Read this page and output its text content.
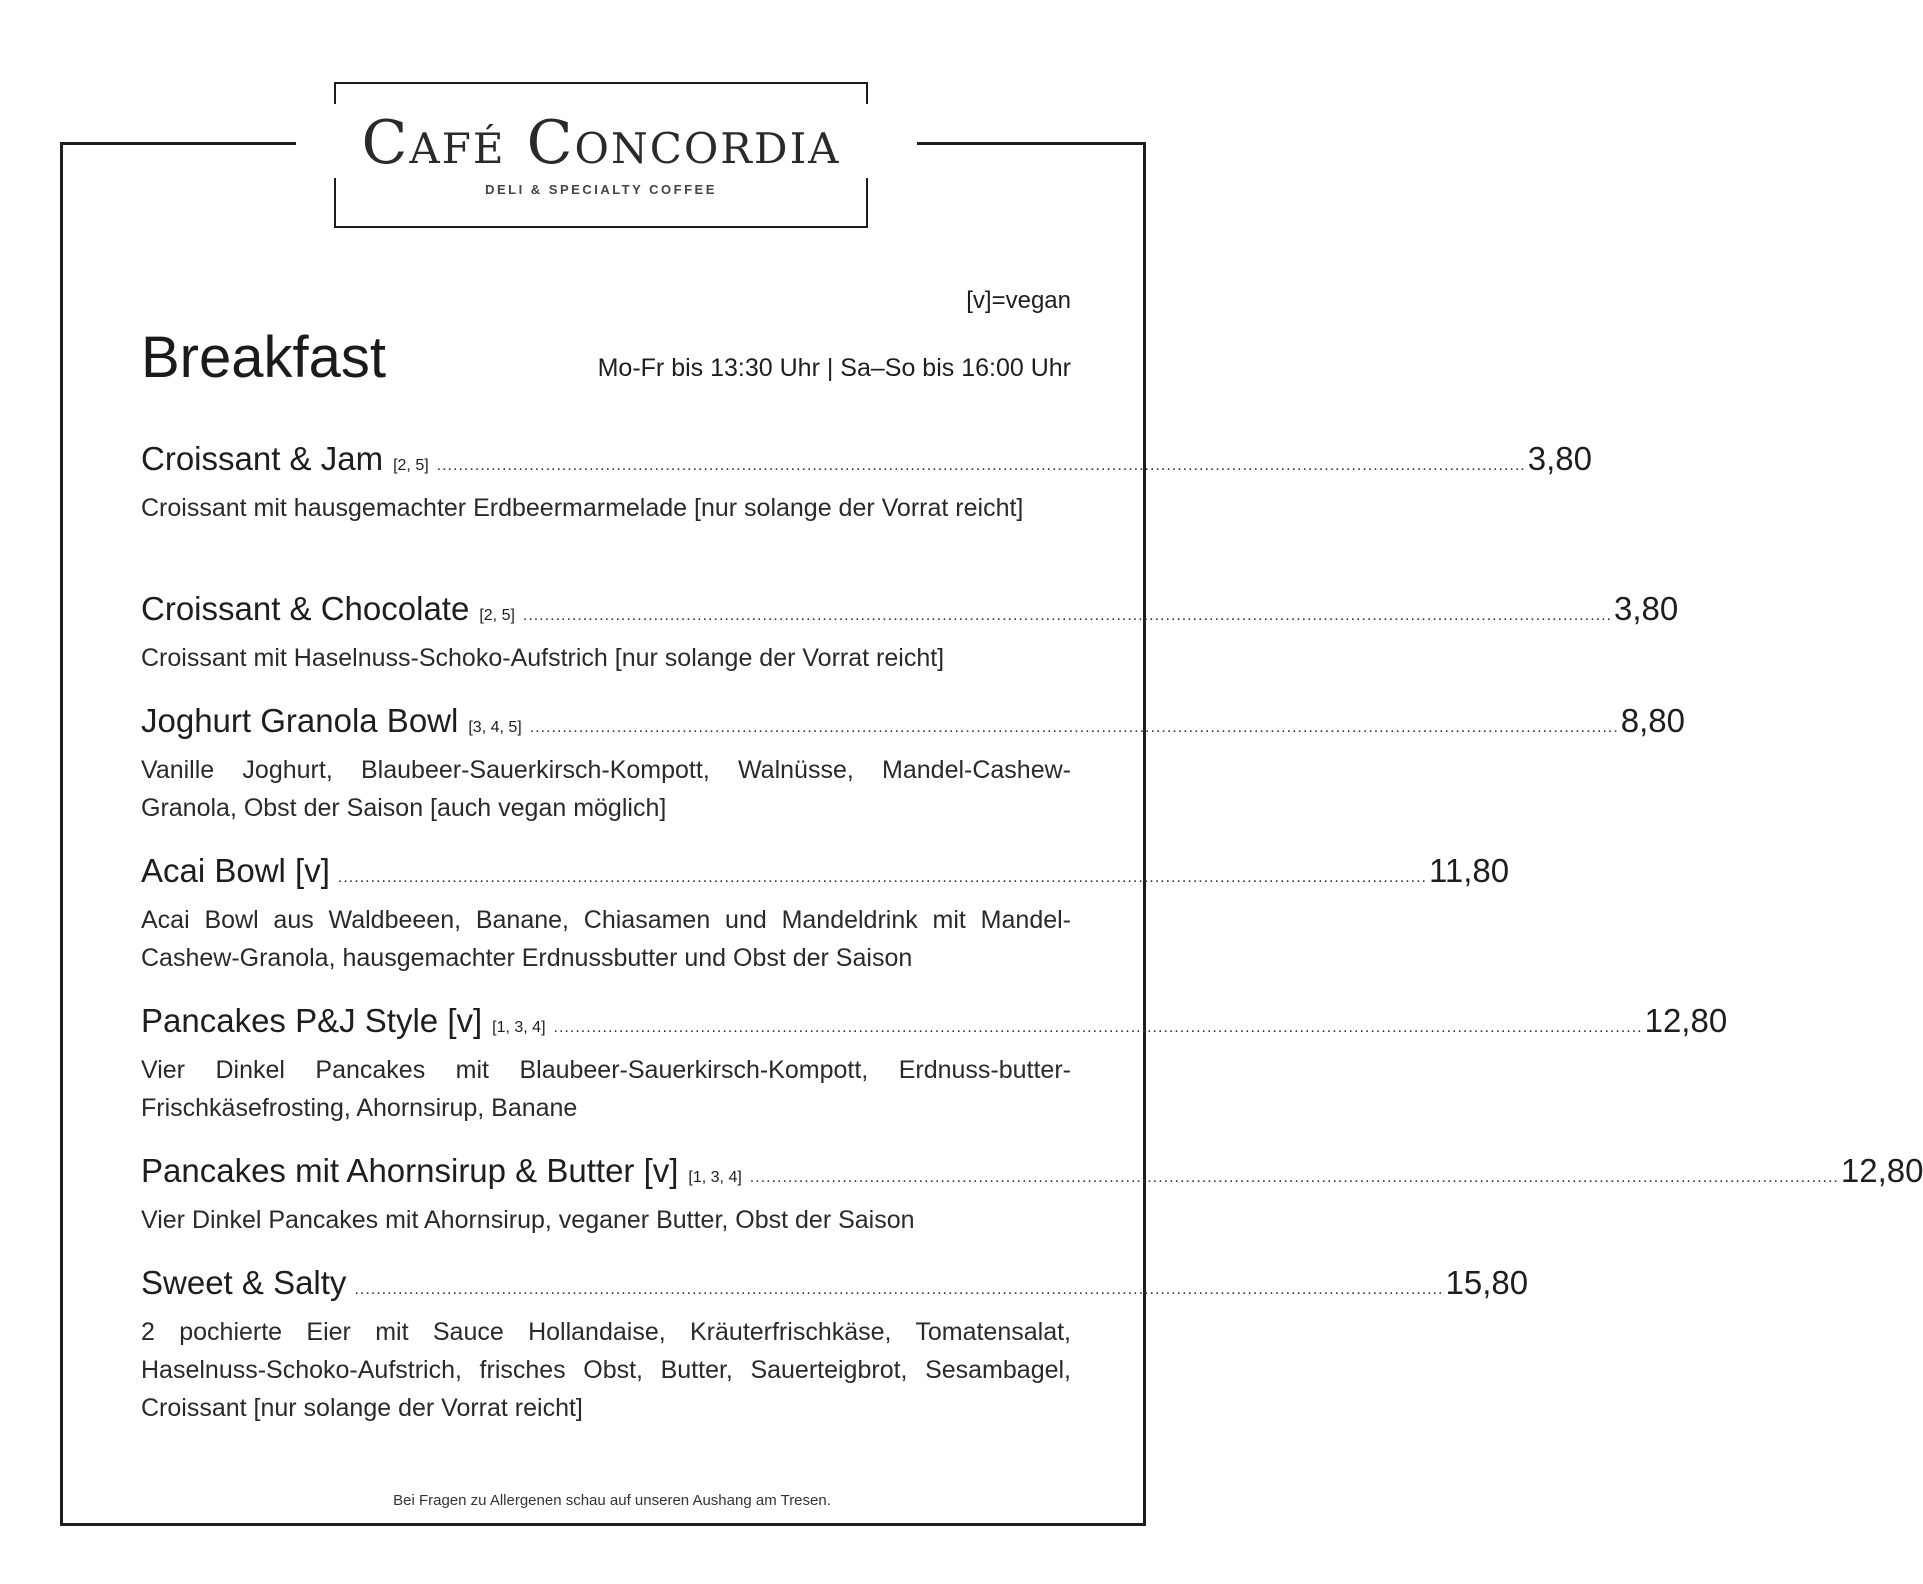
Café Concordia
DELI & SPECIALTY COFFEE
[v]=vegan
Breakfast	Mo-Fr bis 13:30 Uhr | Sa–So bis 16:00 Uhr
Croissant & Jam $_{[2, 5]}$ ........................................................................................................................................................................................................ 3,80
Croissant mit hausgemachter Erdbeermarmelade [nur solange der Vorrat reicht]
Croissant & Chocolate $_{[2, 5]}$ ........................................................................................................................................................................................................ 3,80
Croissant mit Haselnuss-Schoko-Aufstrich [nur solange der Vorrat reicht]
Joghurt Granola Bowl $_{[3, 4, 5]}$ ........................................................................................................................................................................................................ 8,80
Vanille Joghurt, Blaubeer-Sauerkirsch-Kompott, Walnüsse, Mandel-Cashew-Granola, Obst der Saison [auch vegan möglich]
Acai Bowl [v] ........................................................................................................................................................................................................ 11,80
Acai Bowl aus Waldbeeen, Banane, Chiasamen und Mandeldrink mit Mandel-Cashew-Granola, hausgemachter Erdnussbutter und Obst der Saison
Pancakes P&J Style [v] $_{[1, 3, 4]}$ ........................................................................................................................................................................................................ 12,80
Vier Dinkel Pancakes mit Blaubeer-Sauerkirsch-Kompott, Erdnuss-butter-Frischkäsefrosting, Ahornsirup, Banane
Pancakes mit Ahornsirup & Butter [v] $_{[1, 3, 4]}$ ........................................................................................................................................................................................................ 12,80
Vier Dinkel Pancakes mit Ahornsirup, veganer Butter, Obst der Saison
Sweet & Salty ........................................................................................................................................................................................................ 15,80
2 pochierte Eier mit Sauce Hollandaise, Kräuterfrischkäse, Tomatensalat, Haselnuss-Schoko-Aufstrich, frisches Obst, Butter, Sauerteigbrot, Sesambagel, Croissant [nur solange der Vorrat reicht]
Bei Fragen zu Allergenen schau auf unseren Aushang am Tresen.
